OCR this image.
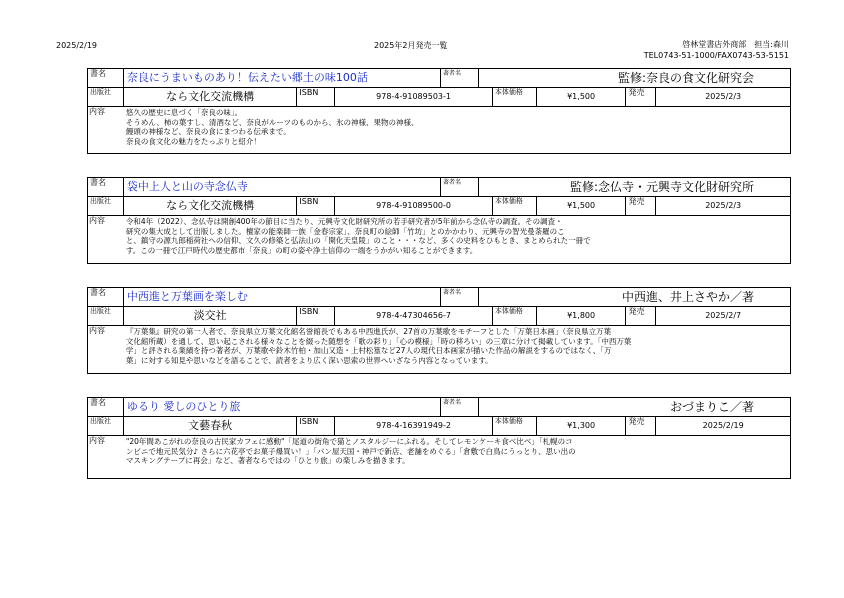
2025/2/19	2025年2月発売一覧	啓林堂書店外商部　担当:森川
TEL0743-51-1000/FAX0743-53-5151
書名 奈良にうまいものあり！伝えたい郷土の味100話	著者名	監修:奈良の食文化研究会
出版社	なら文化交流機構	ISBN	978-4-91089503-1	本体価格	¥1,500	発売	2025/2/3
内容	悠久の歴史に息づく「奈良の味」。
そうめん、柿の葉すし、清酒など、奈良がルーツのものから、氷の神様、果物の神様、
饅頭の神様など、奈良の食にまつわる伝承まで。
奈良の食文化の魅力をたっぷりと紹介！
書名 袋中上人と山の寺念仏寺	著者名	監修:念仏寺・元興寺文化財研究所
出版社	なら文化交流機構	ISBN	978-4-91089500-0	本体価格	¥1,500	発売	2025/2/3
内容	令和4年（2022）、念仏寺は開創400年の節目に当たり、元興寺文化財研究所の若手研究者が5年前から念仏寺の調査。その調査・
研究の集大成として出版しました。檀家の能楽師一族「金春宗家」、奈良町の絵師「竹坊」とのかかわり、元興寺の智光曼荼羅のこ
と、鎮守の源九郎稲荷社への信仰、文久の修築と弘法山の「開化天皇陵」のこと・・・など、多くの史料をひもとき、まとめられた一冊で
す。この一冊で江戸時代の歴史都市「奈良」の町の姿や浄土信仰の一端をうかがい知ることができます。
書名 中西進と万葉画を楽しむ	著者名	中西進、井上さやか／著
出版社	淡交社	ISBN	978-4-47304656-7	本体価格	¥1,800	発売	2025/2/7
内容	『万葉集』研究の第一人者で、奈良県立万葉文化館名誉館長でもある中西進氏が、27首の万葉歌をモチーフとした「万葉日本画」（奈良県立万葉
文化館所蔵）を通して、思い起こされる様々なことを綴った随想を「歌の彩り」「心の模様」「時の移ろい」の三章に分けて掲載しています。「中西万葉
学」と評される業績を持つ著者が、万葉歌や鈴木竹柏・加山又造・上村松篁など27人の現代日本画家が描いた作品の解説をするのではなく、「万
葉」に対する知見や思いなどを語ることで、読者をより広く深い思索の世界へいざなう内容となっています。
書名 ゆるり 愛しのひとり旅	著者名	おづまりこ／著
出版社	文藝春秋	ISBN	978-4-16391949-2	本体価格	¥1,300	発売	2025/2/19
内容	"20年間あこがれの奈良の古民家カフェに感動"「尾道の街角で猫とノスタルジーにふれる。そしてレモンケーキ食べ比べ」「札幌のコ
ンビニで地元民気分♪ さらに六花亭でお菓子爆買い！」「パン屋天国・神戸で新店、老舗をめぐる」「倉敷で白鳥にうっとり、思い出の
マスキングテープに再会」など、著者ならではの「ひとり旅」の楽しみを描きます。
